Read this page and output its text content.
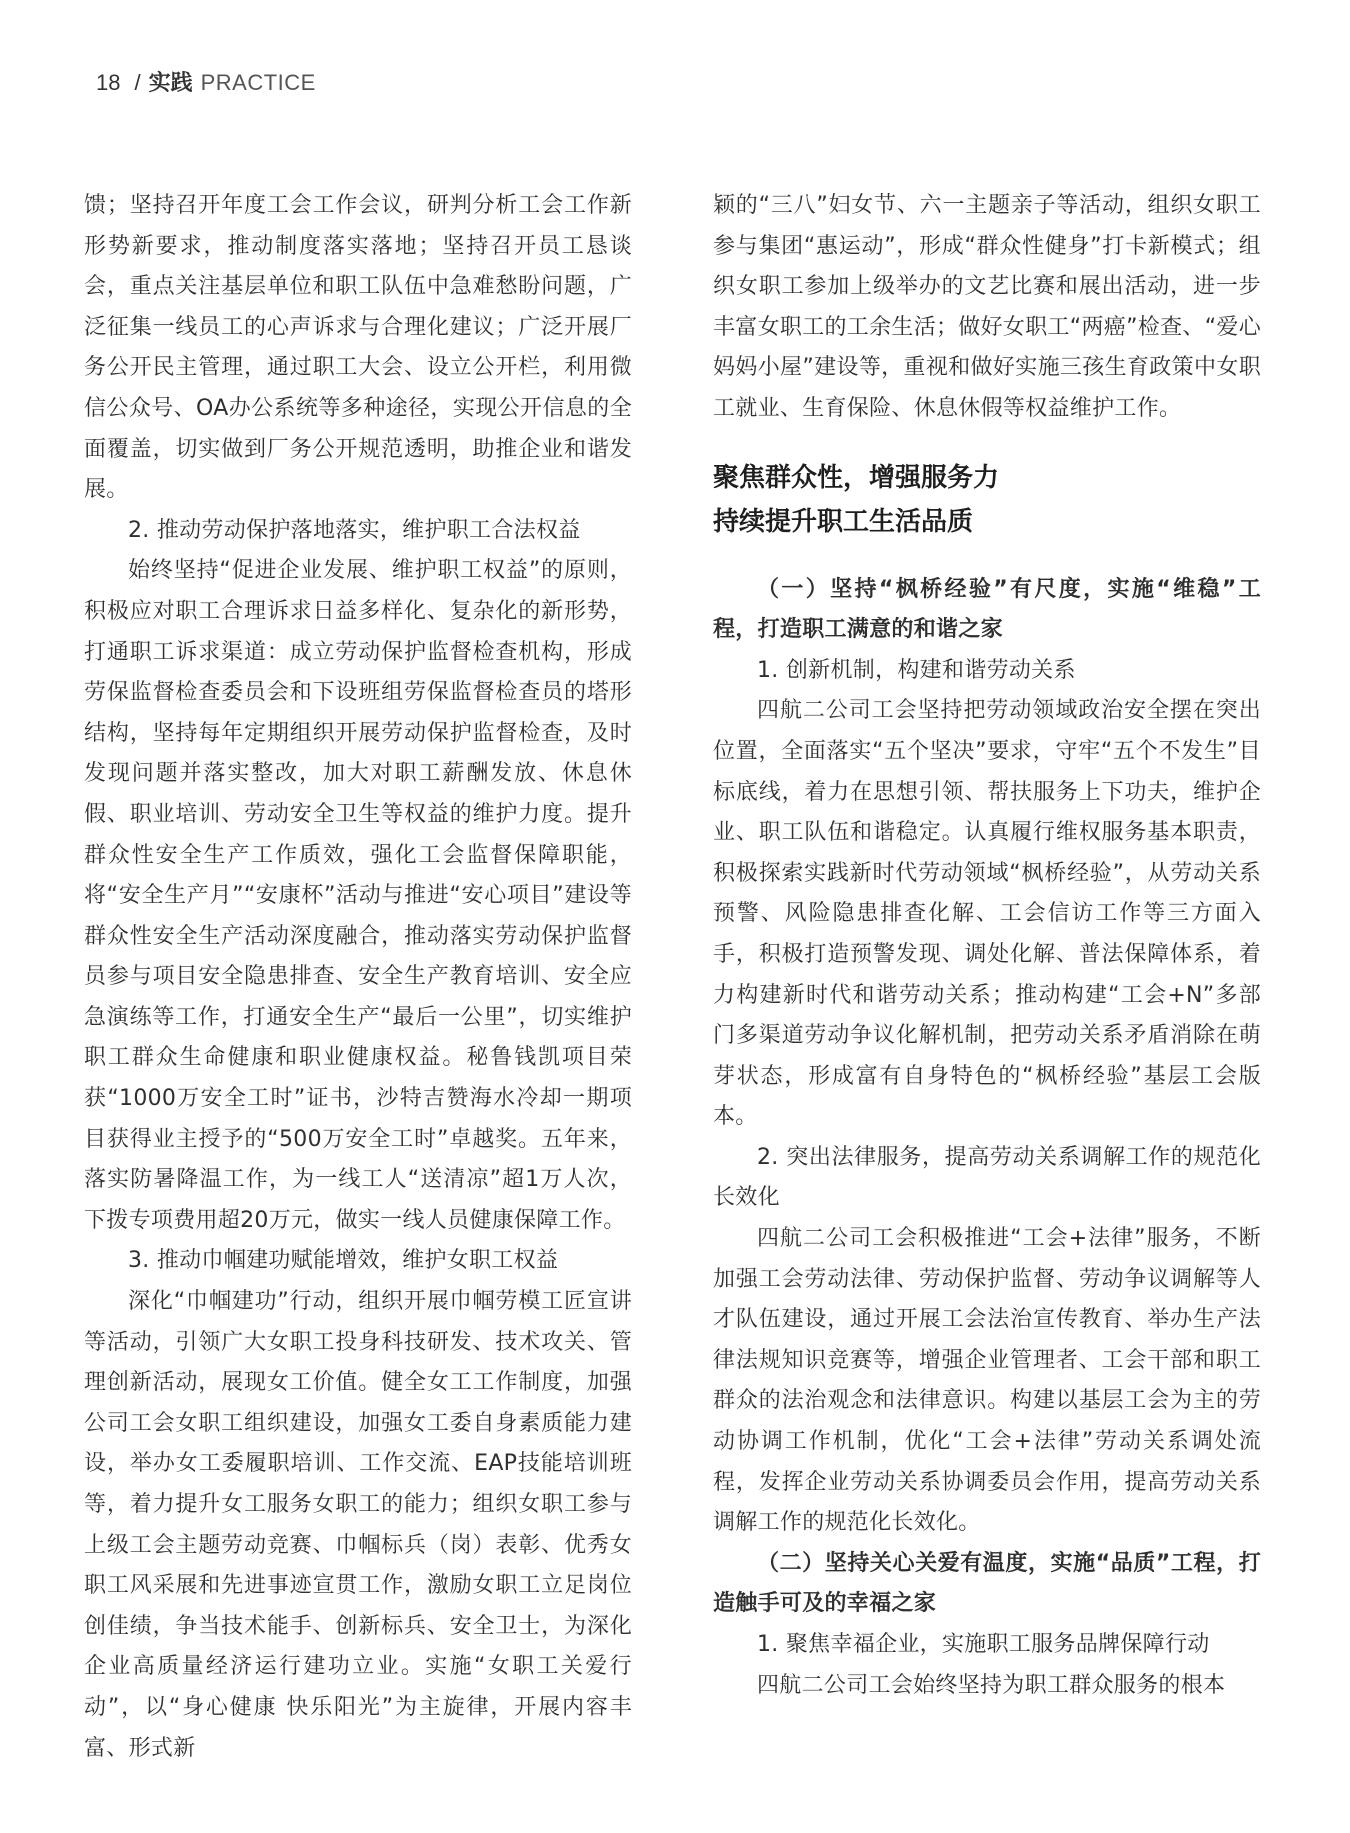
18 / 实践 PRACTICE

馈；坚持召开年度工会工作会议，研判分析工会工作新形势新要求，推动制度落实落地；坚持召开员工恳谈会，重点关注基层单位和职工队伍中急难愁盼问题，广泛征集一线员工的心声诉求与合理化建议；广泛开展厂务公开民主管理，通过职工大会、设立公开栏，利用微信公众号、OA办公系统等多种途径，实现公开信息的全面覆盖，切实做到厂务公开规范透明，助推企业和谐发展。

2. 推动劳动保护落地落实，维护职工合法权益

始终坚持“促进企业发展、维护职工权益”的原则，积极应对职工合理诉求日益多样化、复杂化的新形势，打通职工诉求渠道：成立劳动保护监督检查机构，形成劳保监督检查委员会和下设班组劳保监督检查员的塔形结构，坚持每年定期组织开展劳动保护监督检查，及时发现问题并落实整改，加大对职工薪酬发放、休息休假、职业培训、劳动安全卫生等权益的维护力度。提升群众性安全生产工作质效，强化工会监督保障职能，将“安全生产月”“安康杯”活动与推进“安心项目”建设等群众性安全生产活动深度融合，推动落实劳动保护监督员参与项目安全隐患排查、安全生产教育培训、安全应急演练等工作，打通安全生产“最后一公里”，切实维护职工群众生命健康和职业健康权益。秘鲁钱凯项目荣获“1000万安全工时”证书，沙特吉赞海水冷却一期项目获得业主授予的“500万安全工时”卓越奖。五年来，落实防暑降温工作，为一线工人“送清凉”超1万人次，下拨专项费用超20万元，做实一线人员健康保障工作。

3. 推动巾帼建功赋能增效，维护女职工权益

深化“巾帼建功”行动，组织开展巾帼劳模工匠宣讲等活动，引领广大女职工投身科技研发、技术攻关、管理创新活动，展现女工价值。健全女工工作制度，加强公司工会女职工组织建设，加强女工委自身素质能力建设，举办女工委履职培训、工作交流、EAP技能培训班等，着力提升女工服务女职工的能力；组织女职工参与上级工会主题劳动竞赛、巾帼标兵（岗）表彰、优秀女职工风采展和先进事迹宣贯工作，激励女职工立足岗位创佳绩，争当技术能手、创新标兵、安全卫士，为深化企业高质量经济运行建功立业。实施“女职工关爱行动”，以“身心健康 快乐阳光”为主旋律，开展内容丰富、形式新

颖的“三八”妇女节、六一主题亲子等活动，组织女职工参与集团“惠运动”，形成“群众性健身”打卡新模式；组织女职工参加上级举办的文艺比赛和展出活动，进一步丰富女职工的工余生活；做好女职工“两癌”检查、“爱心妈妈小屋”建设等，重视和做好实施三孩生育政策中女职工就业、生育保险、休息休假等权益维护工作。

聚焦群众性，增强服务力

持续提升职工生活品质

（一）坚持“枫桥经验”有尺度，实施“维稳”工程，打造职工满意的和谐之家

1. 创新机制，构建和谐劳动关系

四航二公司工会坚持把劳动领域政治安全摆在突出位置，全面落实“五个坚决”要求，守牢“五个不发生”目标底线，着力在思想引领、帮扶服务上下功夫，维护企业、职工队伍和谐稳定。认真履行维权服务基本职责，积极探索实践新时代劳动领域“枫桥经验”，从劳动关系预警、风险隐患排查化解、工会信访工作等三方面入手，积极打造预警发现、调处化解、普法保障体系，着力构建新时代和谐劳动关系；推动构建“工会+N”多部门多渠道劳动争议化解机制，把劳动关系矛盾消除在萌芽状态，形成富有自身特色的“枫桥经验”基层工会版本。

2. 突出法律服务，提高劳动关系调解工作的规范化长效化

四航二公司工会积极推进“工会+法律”服务，不断加强工会劳动法律、劳动保护监督、劳动争议调解等人才队伍建设，通过开展工会法治宣传教育、举办生产法律法规知识竞赛等，增强企业管理者、工会干部和职工群众的法治观念和法律意识。构建以基层工会为主的劳动协调工作机制，优化“工会+法律”劳动关系调处流程，发挥企业劳动关系协调委员会作用，提高劳动关系调解工作的规范化长效化。

（二）坚持关心关爱有温度，实施“品质”工程，打造触手可及的幸福之家

1. 聚焦幸福企业，实施职工服务品牌保障行动

四航二公司工会始终坚持为职工群众服务的根本
